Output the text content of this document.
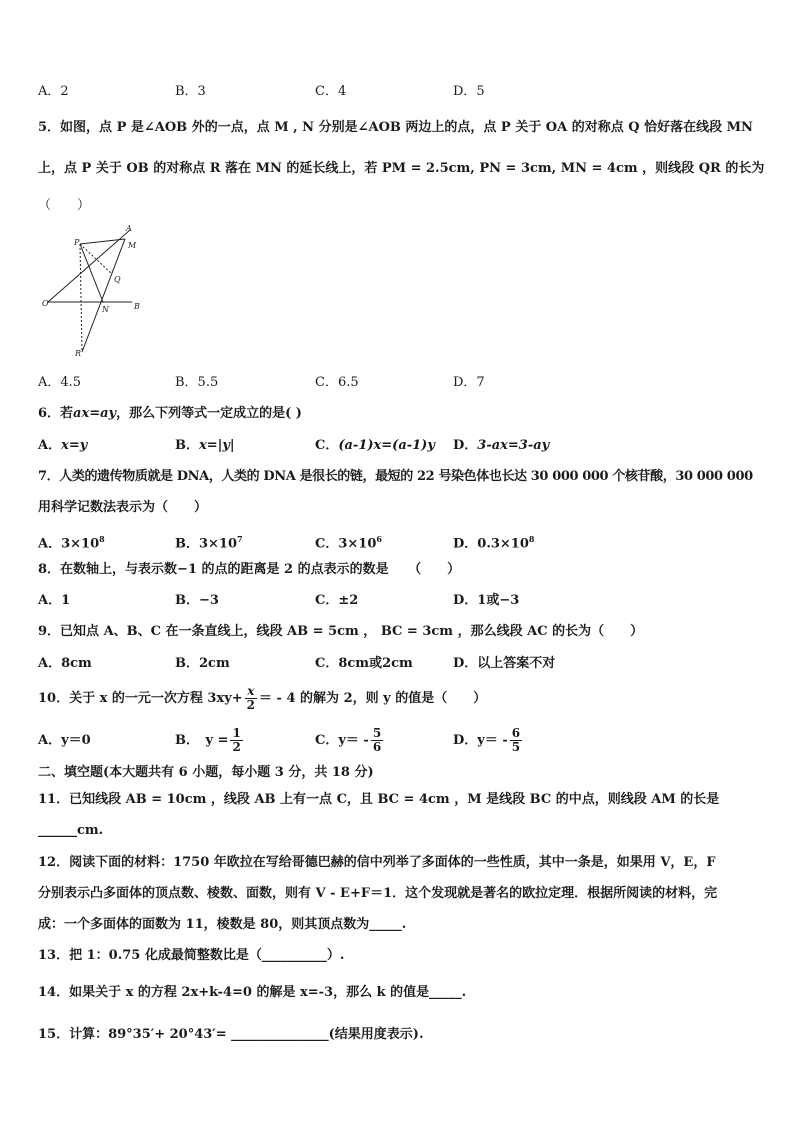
A．2	B．3	C．4	D．5
5．如图，点 P 是∠AOB 外的一点，点 M , N 分别是∠AOB 两边上的点，点 P 关于 OA 的对称点 Q 恰好落在线段 MN
上，点 P 关于 OB 的对称点 R 落在 MN 的延长线上，若 PM = 2.5cm, PN = 3cm, MN = 4cm ，则线段 QR 的长为
（　　）
P
A
M
Q
O
N	B
R
A．4.5	B．5.5	C．6.5	D．7
6．若ax=ay，那么下列等式一定成立的是( )
A．x=y	B．x=|y|	C．(a-1)x=(a-1)y D．3-ax=3-ay
7．人类的遗传物质就是 DNA，人类的 DNA 是很长的链，最短的 22 号染色体也长达 30 000 000 个核苷酸，30 000 000
用科学记数法表示为（　　）
A．$3\times 10^8$	B．$3\times 10^7$	C．$3\times 10^6$	D．$0.3\times 10^8$
8．在数轴上，与表示数−1 的点的距离是 2 的点表示的数是　　（　　）
A．1	B．−3	C．±2	D．1或−3
9．已知点 A、B、C 在一条直线上，线段 AB = 5cm ， BC = 3cm ，那么线段 AC 的长为（　　）
A．8cm	B．2cm	C．8cm或2cm	D．以上答案不对
10．关于 x 的一元一次方程 $3xy+ \frac{x}{2}$ ＝ - 4 的解为 2，则 y 的值是（　　）
A．y＝0	B．　$y = \frac{1}{2}$	C．$y= - \frac{5}{6}$	D．$y= - \frac{6}{5}$
二、填空题(本大题共有 6 小题，每小题 3 分，共 18 分)
11．已知线段 AB = 10cm ，线段 AB 上有一点 C，且 BC = 4cm ，M 是线段 BC 的中点，则线段 AM 的长是
______cm.
12．阅读下面的材料：1750 年欧拉在写给哥德巴赫的信中列举了多面体的一些性质，其中一条是，如果用 V，E，F
分别表示凸多面体的顶点数、棱数、面数，则有 V - E+F＝1．这个发现就是著名的欧拉定理．根据所阅读的材料，完
成：一个多面体的面数为 11，棱数是 80，则其顶点数为_____.
13．把 1：0.75 化成最简整数比是（__________）.
14．如果关于 x 的方程 2x+k-4=0 的解是 x=-3，那么 k 的值是_____.
15．计算：89°35′+ 20°43′= _______________(结果用度表示).
